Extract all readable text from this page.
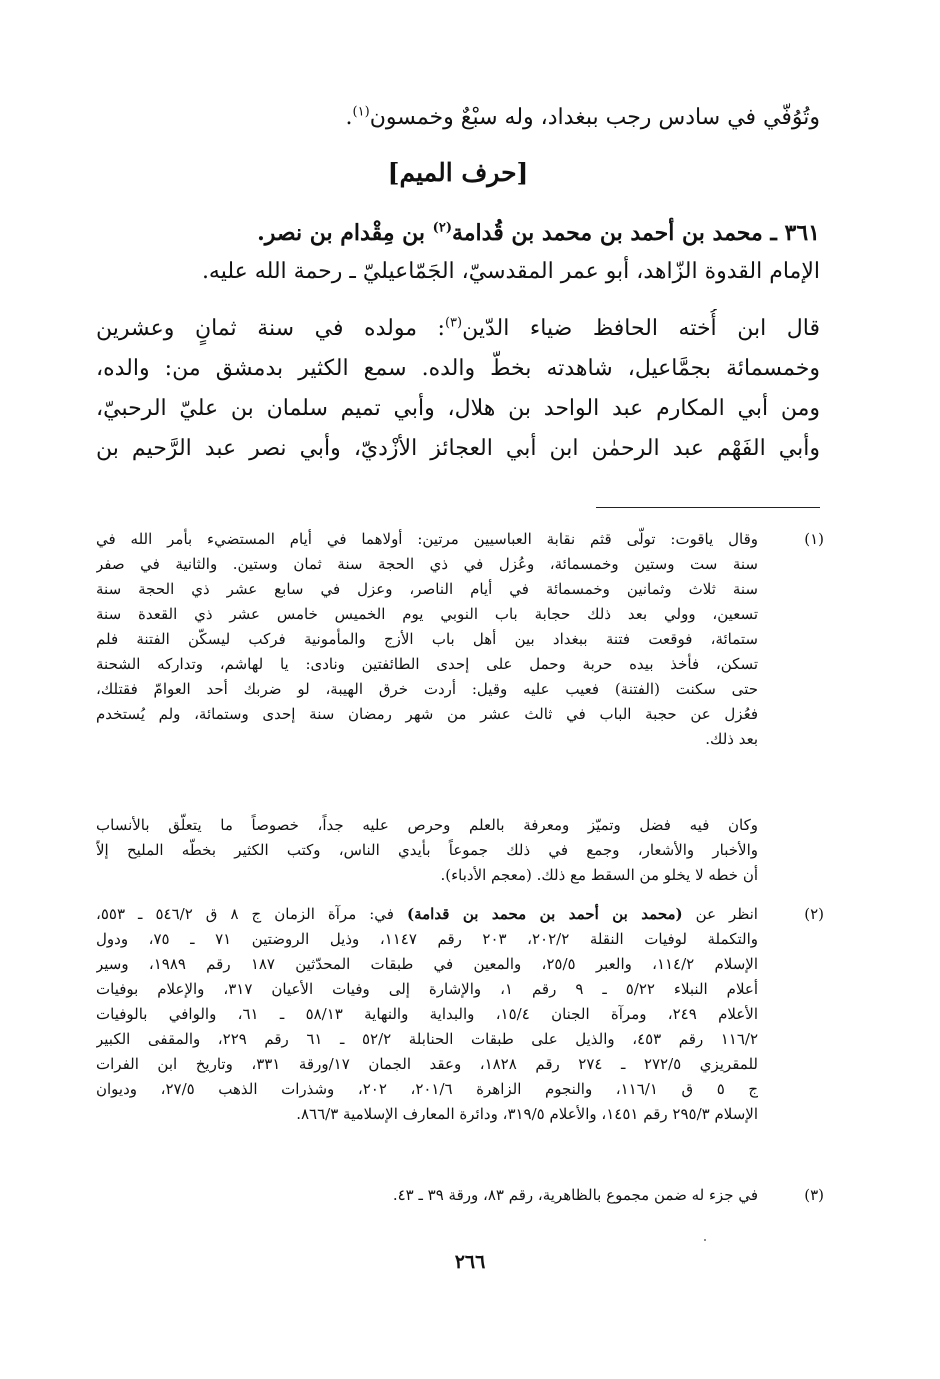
وتُوُفّي في سادس رجب ببغداد، وله سبْعٌ وخمسون$^{(١)}$.
[حرف الميم]
٣٦١ ـ محمد بن أحمد بن محمد بن قُدامة$^{(٢)}$ بن مِقْدام بن نصر.
الإمام القدوة الزّاهد، أبو عمر المقدسيّ، الجَمّاعيليّ ـ رحمة الله عليه.
قال ابن أُخته الحافظ ضياء الدّين$^{(٣)}$: مولده في سنة ثمانٍ وعشرين
وخمسمائة بجمَّاعيل، شاهدته بخطّ والده. سمع الكثير بدمشق من: والده،
ومن أبي المكارم عبد الواحد بن هلال، وأبي تميم سلمان بن عليّ الرحبيّ،
وأبي الفَهْم عبد الرحمٰن ابن أبي العجائز الأزْديّ، وأبي نصر عبد الرَّحيم بن
(١)
وقال ياقوت: تولّى قثم نقابة العباسيين مرتين: أولاهما في أيام المستضيء بأمر الله في
سنة ست وستين وخمسمائة، وعُزل في ذي الحجة سنة ثمان وستين. والثانية في صفر
سنة ثلاث وثمانين وخمسمائة في أيام الناصر، وعزل في سابع عشر ذي الحجة سنة
تسعين، وولي بعد ذلك حجابة باب النوبي يوم الخميس خامس عشر ذي القعدة سنة
ستمائة، فوقعت فتنة ببغداد بين أهل باب الأزج والمأمونية فركب ليسكّن الفتنة فلم
تسكن، فأخذ بيده حربة وحمل على إحدى الطائفتين ونادى: يا لهاشم، وتداركه الشحنة
حتى سكنت (الفتنة) فعيب عليه وقيل: أردت خرق الهيبة، لو ضربك أحد العوامّ فقتلك،
فعُزل عن حجبة الباب في ثالث عشر من شهر رمضان سنة إحدى وستمائة، ولم يُستخدم
بعد ذلك.
وكان فيه فضل وتميّز ومعرفة بالعلم وحرص عليه جداً، خصوصاً ما يتعلّق بالأنساب
والأخبار والأشعار، وجمع في ذلك جموعاً بأيدي الناس، وكتب الكثير بخطّه المليح إلاّ
أن خطه لا يخلو من السقط مع ذلك. (معجم الأدباء).
(٢)
انظر عن (محمد بن أحمد بن محمد بن قدامة) في: مرآة الزمان ج ٨ ق ٥٤٦/٢ ـ ٥٥٣،
والتكملة لوفيات النقلة ٢٠٢/٢، ٢٠٣ رقم ١١٤٧، وذيل الروضتين ٧١ ـ ٧٥، ودول
الإسلام ١١٤/٢، والعبر ٢٥/٥، والمعين في طبقات المحدّثين ١٨٧ رقم ١٩٨٩، وسير
أعلام النبلاء ٥/٢٢ ـ ٩ رقم ١، والإشارة إلى وفيات الأعيان ٣١٧، والإعلام بوفيات
الأعلام ٢٤٩، ومرآة الجنان ١٥/٤، والبداية والنهاية ٥٨/١٣ ـ ٦١، والوافي بالوفيات
١١٦/٢ رقم ٤٥٣، والذيل على طبقات الحنابلة ٥٢/٢ ـ ٦١ رقم ٢٢٩، والمقفى الكبير
للمقريزي ٢٧٢/٥ ـ ٢٧٤ رقم ١٨٢٨، وعقد الجمان ١٧/ورقة ٣٣١، وتاريخ ابن الفرات
ج ٥ ق ١١٦/١، والنجوم الزاهرة ٢٠١/٦، ٢٠٢، وشذرات الذهب ٢٧/٥، وديوان
الإسلام ٢٩٥/٣ رقم ١٤٥١، والأعلام ٣١٩/٥، ودائرة المعارف الإسلامية ٨٦٦/٣.
(٣)
في جزء له ضمن مجموع بالظاهرية، رقم ٨٣، ورقة ٣٩ ـ ٤٣.
٢٦٦
